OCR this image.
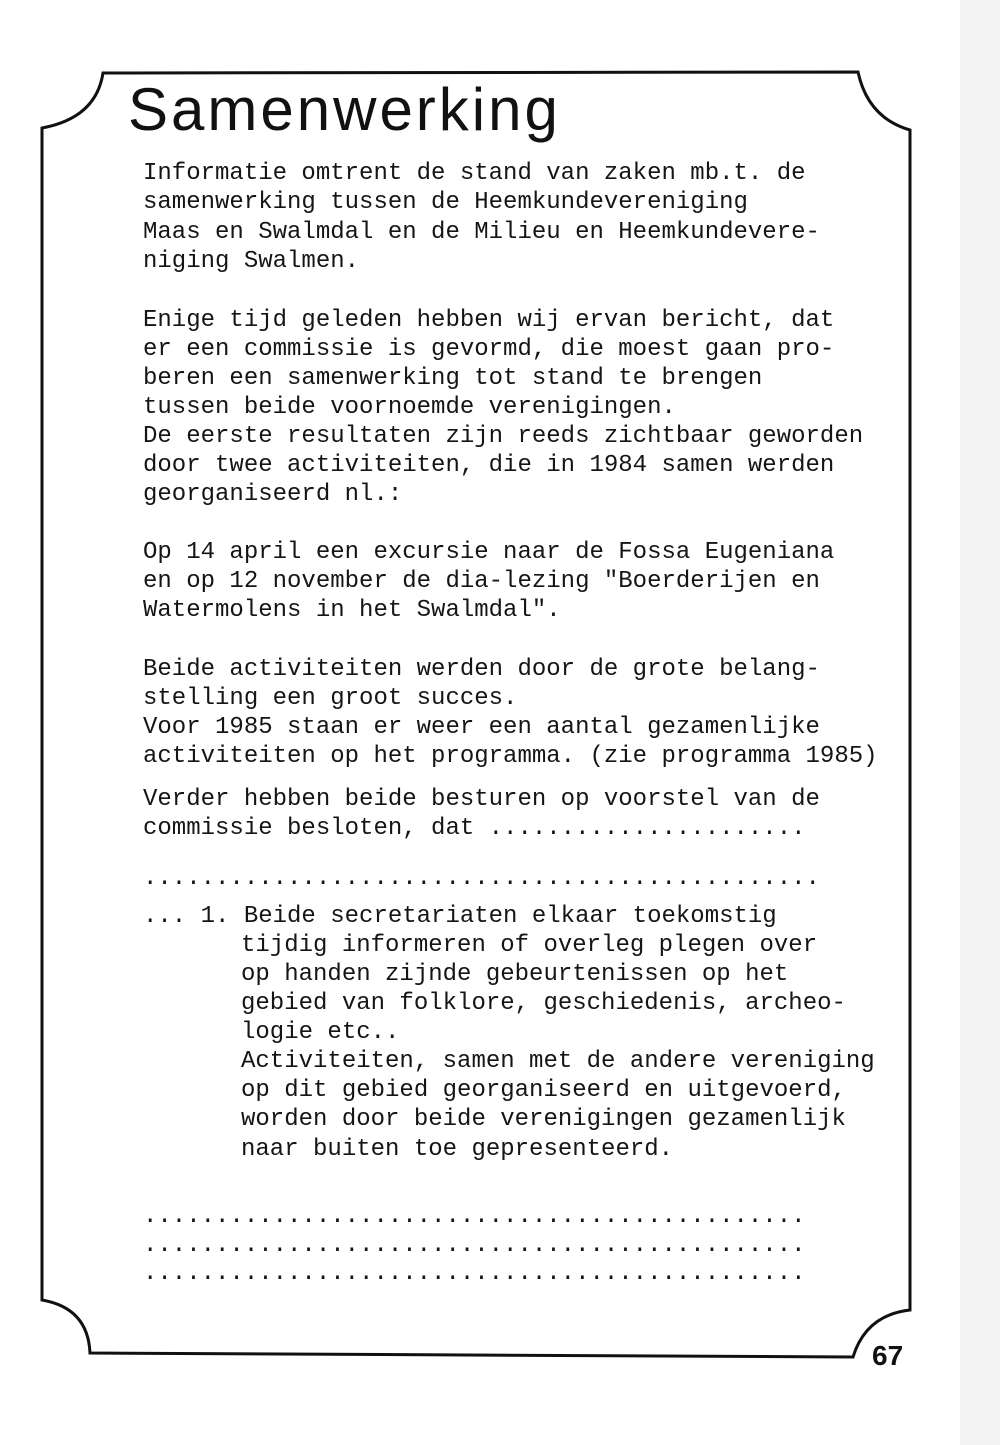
Samenwerking
Informatie omtrent de stand van zaken mb.t. de
samenwerking tussen de Heemkundevereniging
Maas en Swalmdal en de Milieu en Heemkundevere-
niging Swalmen.
Enige tijd geleden hebben wij ervan bericht, dat
er een commissie is gevormd, die moest gaan pro-
beren een samenwerking tot stand te brengen
tussen beide voornoemde verenigingen.
De eerste resultaten zijn reeds zichtbaar geworden
door twee activiteiten, die in 1984 samen werden
georganiseerd nl.:
Op 14 april een excursie naar de Fossa Eugeniana
en op 12 november de dia-lezing "Boerderijen en
Watermolens in het Swalmdal".
Beide activiteiten werden door de grote belang-
stelling een groot succes.
Voor 1985 staan er weer een aantal gezamenlijke
activiteiten op het programma. (zie programma 1985)
Verder hebben beide besturen op voorstel van de
commissie besloten, dat ......................
...............................................
... 1. Beide secretariaten elkaar toekomstig
tijdig informeren of overleg plegen over
op handen zijnde gebeurtenissen op het
gebied van folklore, geschiedenis, archeo-
logie etc..
Activiteiten, samen met de andere vereniging
op dit gebied georganiseerd en uitgevoerd,
worden door beide verenigingen gezamenlijk
naar buiten toe gepresenteerd.
..............................................
..............................................
..............................................
67
